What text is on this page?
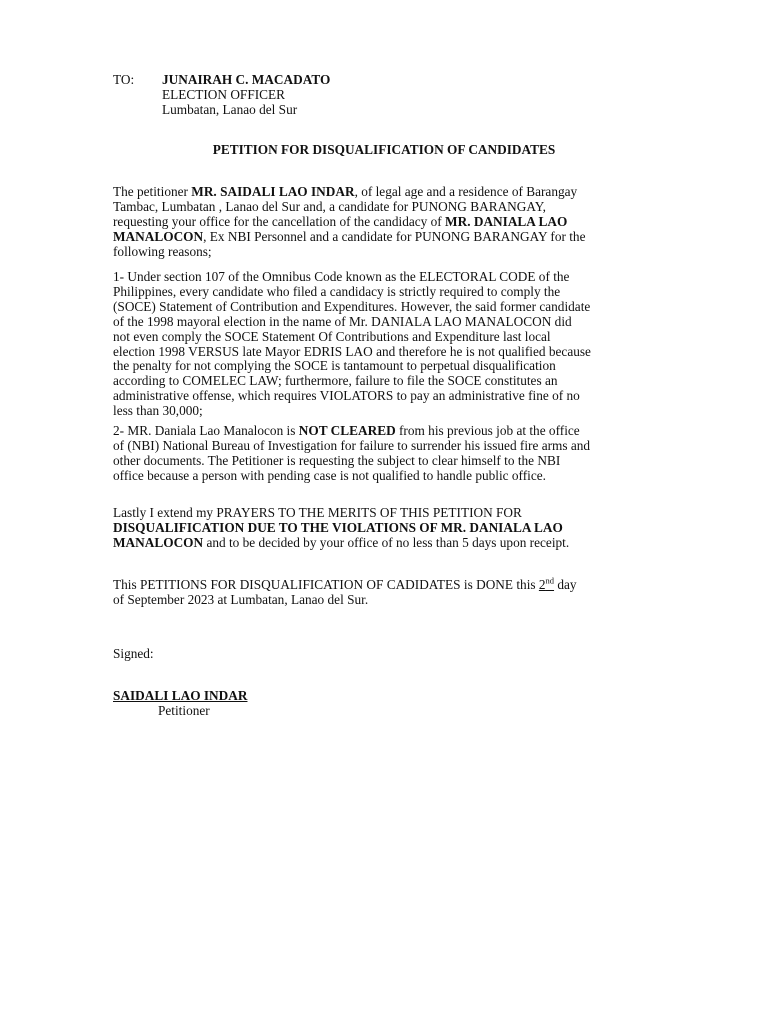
TO:	JUNAIRAH C. MACADATO
ELECTION OFFICER
Lumbatan, Lanao del Sur
PETITION FOR DISQUALIFICATION OF CANDIDATES
The petitioner MR. SAIDALI LAO INDAR, of legal age and a residence of Barangay
Tambac, Lumbatan , Lanao del Sur and, a candidate for PUNONG BARANGAY,
requesting your office for the cancellation of the candidacy of MR. DANIALA LAO
MANALOCON, Ex NBI Personnel and a candidate for PUNONG BARANGAY for the
following reasons;
1- Under section 107 of the Omnibus Code known as the ELECTORAL CODE of the
Philippines, every candidate who filed a candidacy is strictly required to comply the
(SOCE) Statement of Contribution and Expenditures. However, the said former candidate
of the 1998 mayoral election in the name of Mr. DANIALA LAO MANALOCON did
not even comply the SOCE Statement Of Contributions and Expenditure last local
election 1998 VERSUS late Mayor EDRIS LAO and therefore he is not qualified because
the penalty for not complying the SOCE is tantamount to perpetual disqualification
according to COMELEC LAW; furthermore, failure to file the SOCE constitutes an
administrative offense, which requires VIOLATORS to pay an administrative fine of no
less than 30,000;
2- MR. Daniala Lao Manalocon is NOT CLEARED from his previous job at the office
of (NBI) National Bureau of Investigation for failure to surrender his issued fire arms and
other documents. The Petitioner is requesting the subject to clear himself to the NBI
office because a person with pending case is not qualified to handle public office.
Lastly I extend my PRAYERS TO THE MERITS OF THIS PETITION FOR
DISQUALIFICATION DUE TO THE VIOLATIONS OF MR. DANIALA LAO
MANALOCON and to be decided by your office of no less than 5 days upon receipt.
This PETITIONS FOR DISQUALIFICATION OF CADIDATES is DONE this 2nd day
of September 2023 at Lumbatan, Lanao del Sur.
Signed:
SAIDALI LAO INDAR
Petitioner
